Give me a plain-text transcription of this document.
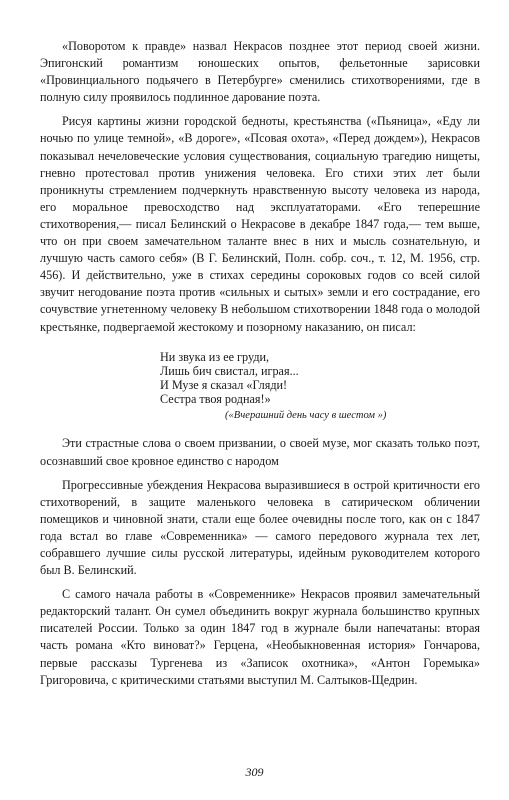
«Поворотом к правде» назвал Некрасов позднее этот период своей жизни. Эпигонский романтизм юношеских опытов, фельетонные зарисовки «Провинциального подьячего в Петербурге» сменились стихотворениями, где в полную силу проявилось подлинное дарование поэта.

Рисуя картины жизни городской бедноты, крестьянства («Пьяница», «Еду ли ночью по улице темной», «В дороге», «Псовая охота», «Перед дождем»), Некрасов показывал нечеловеческие условия существования, социальную трагедию нищеты, гневно протестовал против унижения человека. Его стихи этих лет были проникнуты стремлением подчеркнуть нравственную высоту человека из народа, его моральное превосходство над эксплуататорами. «Его теперешние стихотворения,— писал Белинский о Некрасове в декабре 1847 года,— тем выше, что он при своем замечательном таланте внес в них и мысль сознательную, и лучшую часть самого себя» (В Г. Белинский, Полн. собр. соч., т. 12, М. 1956, стр. 456). И действительно, уже в стихах середины сороковых годов со всей силой звучит негодование поэта против «сильных и сытых» земли и его сострадание, его сочувствие угнетенному человеку В небольшом стихотворении 1848 года о молодой крестьянке, подвергаемой жестокому и позорному наказанию, он писал:

Ни звука из ее груди,
Лишь бич свистал, играя...
И Музе я сказал «Гляди!
Сестра твоя родная!»
(«Вчерашний день часу в шестом »)

Эти страстные слова о своем призвании, о своей музе, мог сказать только поэт, осознавший свое кровное единство с народом

Прогрессивные убеждения Некрасова выразившиеся в острой критичности его стихотворений, в защите маленького человека в сатирическом обличении помещиков и чиновной знати, стали еще более очевидны после того, как он с 1847 года встал во главе «Современника» — самого передового журнала тех лет, собравшего лучшие силы русской литературы, идейным руководителем которого был В. Белинский.

С самого начала работы в «Современнике» Некрасов проявил замечательный редакторский талант. Он сумел объединить вокруг журнала большинство крупных писателей России. Только за один 1847 год в журнале были напечатаны: вторая часть романа «Кто виноват?» Герцена, «Необыкновенная история» Гончарова, первые рассказы Тургенева из «Записок охотника», «Антон Горемыка» Григоровича, с критическими статьями выступил М. Салтыков-Щедрин.

309
